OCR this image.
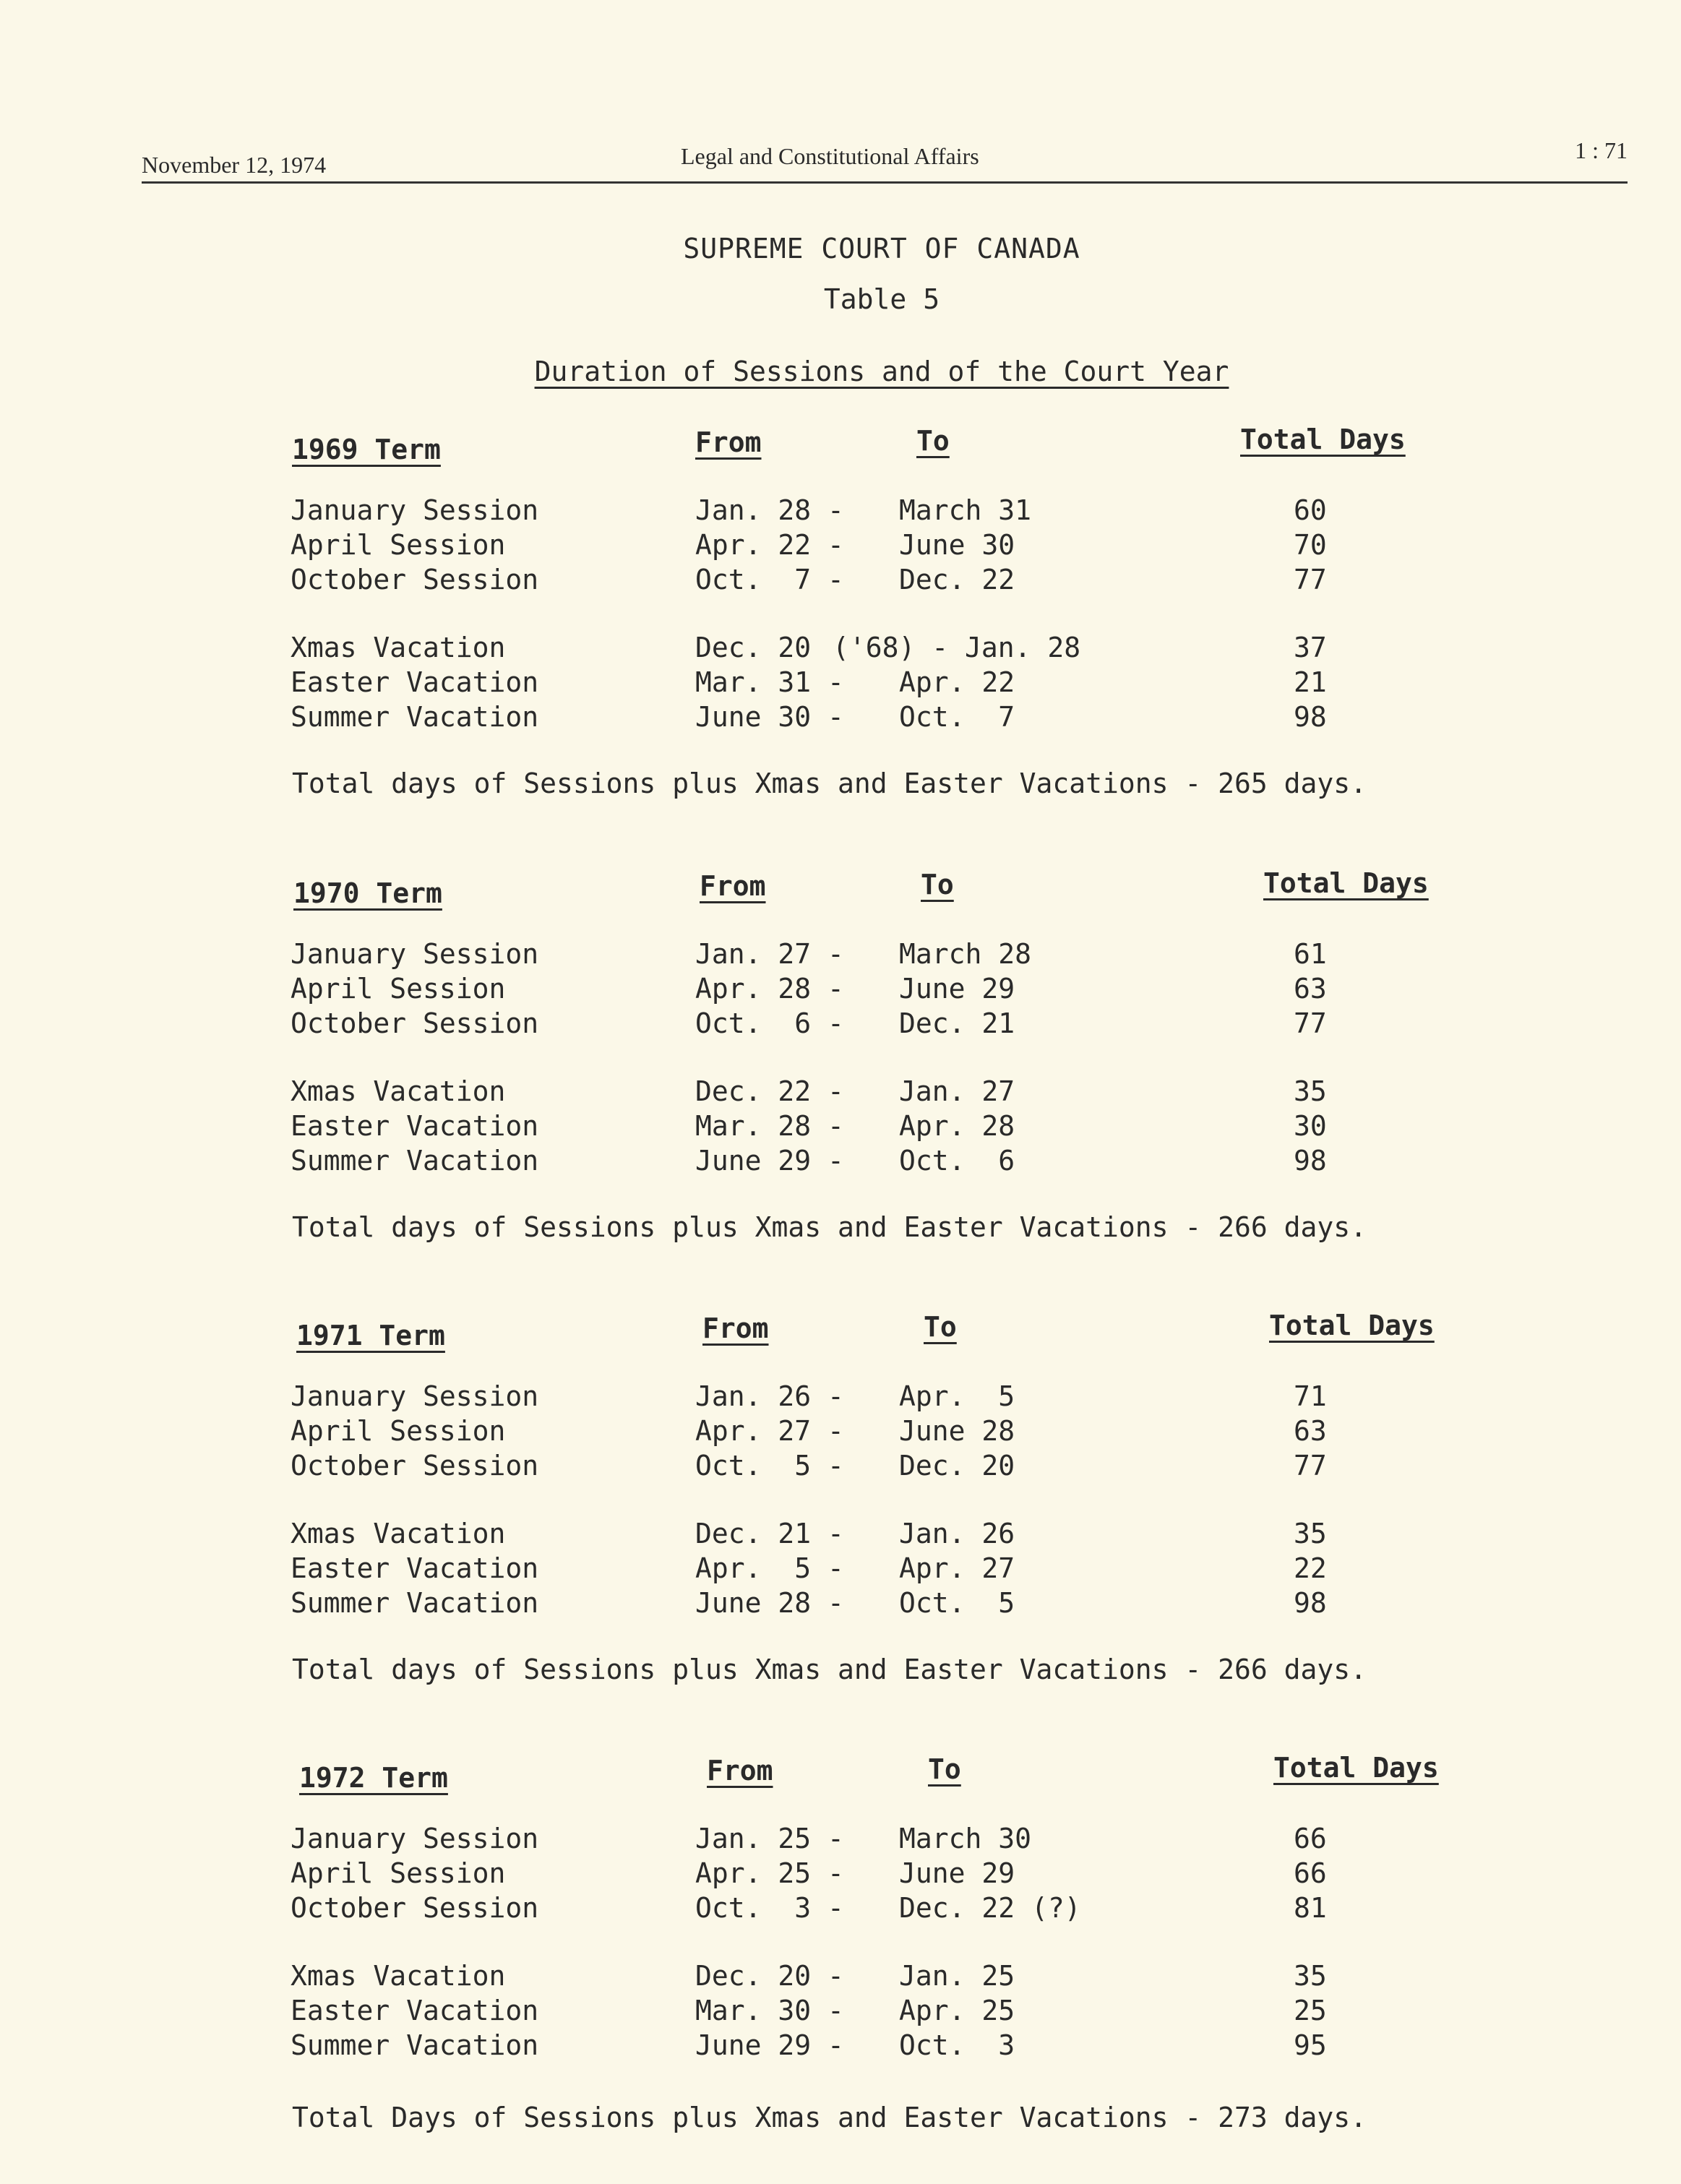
November 12, 1974	Legal and Constitutional Affairs	1 : 71
SUPREME COURT OF CANADA
Table 5
Duration of Sessions and of the Court Year
1969 Term	From	To	Total Days
January Session	Jan. 28 - March 31	60
April Session	Apr. 22 - June 30	70
October Session	Oct.  7 - Dec. 22	77
Xmas Vacation	Dec. 20 ('68) - Jan. 28	37
Easter Vacation	Mar. 31 - Apr. 22	21
Summer Vacation	June 30 - Oct.  7	98
Total days of Sessions plus Xmas and Easter Vacations - 265 days.
1970 Term	From	To	Total Days
January Session	Jan. 27 - March 28	61
April Session	Apr. 28 - June 29	63
October Session	Oct.  6 - Dec. 21	77
Xmas Vacation	Dec. 22 - Jan. 27	35
Easter Vacation	Mar. 28 - Apr. 28	30
Summer Vacation	June 29 - Oct.  6	98
Total days of Sessions plus Xmas and Easter Vacations - 266 days.
1971 Term	From	To	Total Days
January Session	Jan. 26 - Apr.  5	71
April Session	Apr. 27 - June 28	63
October Session	Oct.  5 - Dec. 20	77
Xmas Vacation	Dec. 21 - Jan. 26	35
Easter Vacation	Apr.  5 - Apr. 27	22
Summer Vacation	June 28 - Oct.  5	98
Total days of Sessions plus Xmas and Easter Vacations - 266 days.
1972 Term	From	To	Total Days
January Session	Jan. 25 - March 30	66
April Session	Apr. 25 - June 29	66
October Session	Oct.  3 - Dec. 22 (?)	81
Xmas Vacation	Dec. 20 - Jan. 25	35
Easter Vacation	Mar. 30 - Apr. 25	25
Summer Vacation	June 29 - Oct.  3	95
Total Days of Sessions plus Xmas and Easter Vacations - 273 days.
